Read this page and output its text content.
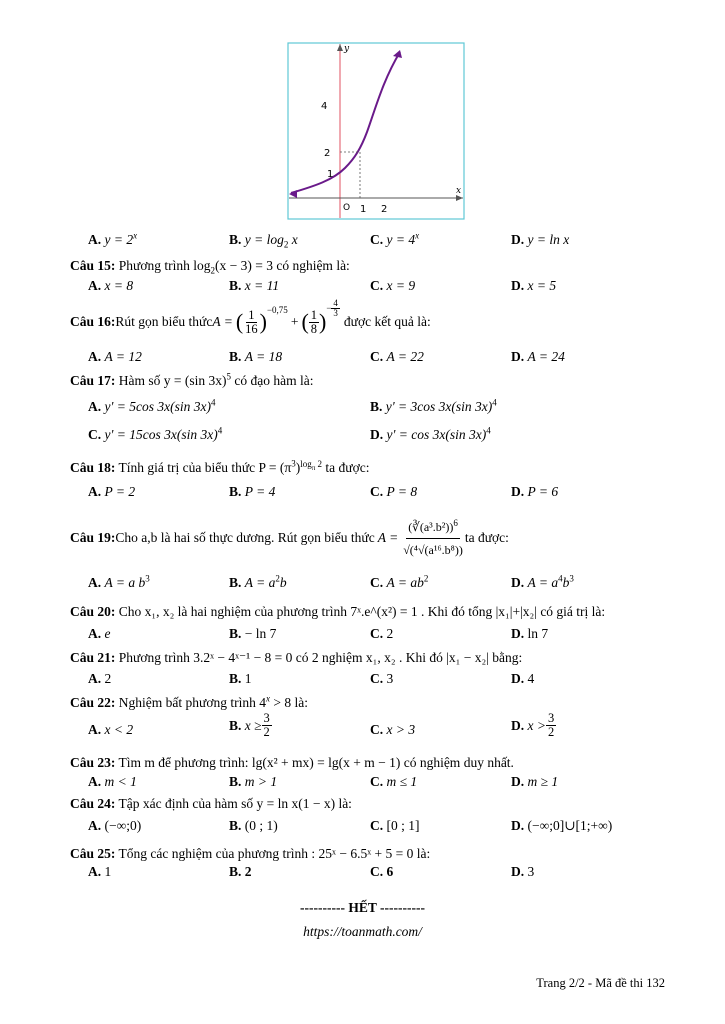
y
x
4
2
1
O 1 2
A. $y = 2^x$	B. $y = \log_2 x$	C. $y = 4^x$	D. y = ln x
Câu 15: Phương trình $\log_2(x - 3) = 3$ có nghiệm là:
A. x = 8	B. x = 11	C. x = 9	D. x = 5
Câu 16: Rút gọn biểu thức A = ( $\frac{1}{16} )^{-0,75}$
+ ( $\frac{1}{8}$ )
− $\frac{4}{3}$
được kết quả là:
A. A = 12	B. A = 18	C. A = 22	D. A = 24
Câu 17: Hàm số y = (sin 3x)$^5$ có đạo hàm là:
A. y' = 5cos 3x(sin 3x)$^4$	B. y' = 3cos 3x(sin 3x)$^4$
C. y' = 15cos 3x(sin 3x)$^4$	D. y' = cos 3x(sin 3x)$^4$
Câu 18: Tính giá trị của biểu thức $P = (\pi^3)^{log_\pi 2}$ ta được:
A. P = 2	B. P = 4	C. P = 8	D. P = 6
Câu 19: Cho a,b là hai số thực dương. Rút gọn biểu thức $A = \frac{(∛(a^3.b^2))^6}{\text{√(⁴√(a¹⁶.b⁸))}}$ ta được:
A. A = a $b^3$	B. $A = a^2b$	C. $A = ab^2$	D. $A = a^4b^3$
Câu 20: Cho x₁, x₂ là hai nghiệm của phương trình 7ˣ.e^(x²) = 1 . Khi đó tổng |x₁|+|x₂| có giá trị là:
A. e	B. − ln 7	C. 2	D. ln 7
Câu 21: Phương trình 3.2ˣ − 4ˣ⁻¹ − 8 = 0 có 2 nghiệm x₁, x₂ . Khi đó |x₁ − x₂| bằng:
A. 2	B. 1	C. 3	D. 4
Câu 22: Nghiệm bất phương trình $4^x > 8$ là:
A. x < 2	B.
$x \ge \frac{3}{2}$	C. x > 3	D.
$x > \frac{3}{2}$
Câu 23: Tìm m để phương trình: lg(x² + mx) = lg(x + m − 1) có nghiệm duy nhất.
A. m < 1	B. m > 1	C. m ≤ 1	D. m ≥ 1
Câu 24: Tập xác định của hàm số y = ln x(1 − x) là:
A. (−∞;0)	B. (0 ; 1)	C. [0 ; 1]	D. (−∞;0]∪[1;+∞)
Câu 25: Tổng các nghiệm của phương trình : 25ˣ − 6.5ˣ + 5 = 0 là:
A. 1	B. 2	C. 6	D. 3
---------- HẾT ----------
https://toanmath.com/
Trang 2/2 - Mã đề thi 132
